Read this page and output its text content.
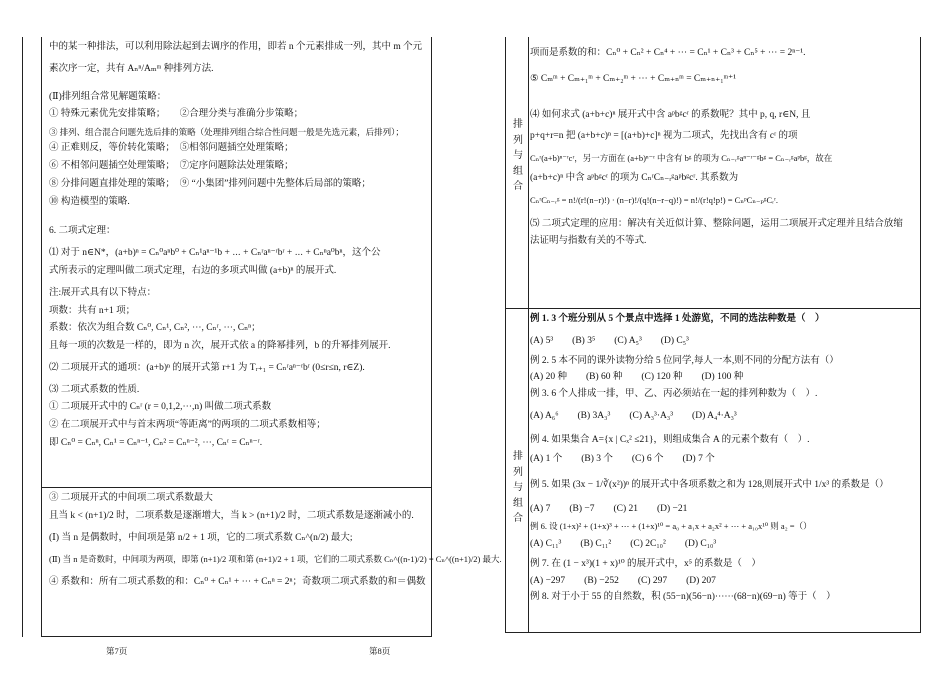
中的某一种排法，可以利用除法起到去调序的作用，即若 n 个元素排成一列，其中 m 个元

素次序一定，共有 Aₙⁿ/Aₘᵐ 种排列方法.

(Ⅱ)排列组合常见解题策略：

① 特殊元素优先安排策略；　　②合理分类与准确分步策略；

③ 排列、组合混合问题先选后排的策略（处理排列组合综合性问题一般是先选元素，后排列）；

④ 正难则反，等价转化策略；　⑤相邻问题插空处理策略；

⑥ 不相邻问题插空处理策略；　⑦定序问题除法处理策略；

⑧ 分排问题直排处理的策略；　⑨ “小集团”排列问题中先整体后局部的策略；

⑩ 构造模型的策略.

6. 二项式定理：

⑴ 对于 n∈N*，(a+b)ⁿ = Cₙ⁰aⁿb⁰ + Cₙ¹aⁿ⁻¹b + ⋯ + Cₙʳaⁿ⁻ʳbʳ + ⋯ + Cₙⁿa⁰bⁿ，这个公

式所表示的定理叫做二项式定理，右边的多项式叫做 (a+b)ⁿ 的展开式.

注:展开式具有以下特点：

项数：共有 n+1 项；

系数：依次为组合数 Cₙ⁰, Cₙ¹, Cₙ², ⋯, Cₙʳ, ⋯, Cₙⁿ；

且每一项的次数是一样的，即为 n 次，展开式依 a 的降幂排列，b 的升幂排列展开.

⑵ 二项展开式的通项：(a+b)ⁿ 的展开式第 r+1 为 Tᵣ₊₁ = Cₙʳaⁿ⁻ʳbʳ (0≤r≤n, r∈Z).

⑶ 二项式系数的性质.

① 二项展开式中的 Cₙʳ (r = 0,1,2,⋯,n) 叫做二项式系数

② 在二项展开式中与首末两项“等距离”的两项的二项式系数相等；

即 Cₙ⁰ = Cₙⁿ, Cₙ¹ = Cₙⁿ⁻¹, Cₙ² = Cₙⁿ⁻², ⋯, Cₙʳ = Cₙⁿ⁻ʳ.

③ 二项展开式的中间项二项式系数最大

且当 k < (n+1)/2 时，二项系数是逐渐增大，当 k > (n+1)/2 时，二项式系数是逐渐减小的.

(Ⅰ) 当 n 是偶数时，中间项是第 n/2 + 1 项，它的二项式系数 Cₙ^(n/2) 最大;

(Ⅱ) 当 n 是奇数时，中间项为两项，即第 (n+1)/2 项和第 (n+1)/2 + 1 项，它们的二项式系数 Cₙ^((n-1)/2) = Cₙ^((n+1)/2) 最大.

④ 系数和：所有二项式系数的和：Cₙ⁰ + Cₙ¹ + ⋯ + Cₙⁿ = 2ⁿ；奇数项二项式系数的和＝偶数

排
列
与
组
合
排
列
与
组
合

项而是系数的和：Cₙ⁰ + Cₙ² + Cₙ⁴ + ⋯ = Cₙ¹ + Cₙ³ + Cₙ⁵ + ⋯ = 2ⁿ⁻¹.

⑤ Cₘᵐ + Cₘ₊₁ᵐ + Cₘ₊₂ᵐ + ⋯ + Cₘ₊ₙᵐ = Cₘ₊ₙ₊₁ᵐ⁺¹

⑷ 如何求式 (a+b+c)ⁿ 展开式中含 aᵖbᵍcʳ 的系数呢？其中 p, q, r∈N, 且

p+q+r=n 把 (a+b+c)ⁿ = [(a+b)+c]ⁿ 视为二项式，先找出含有 cʳ 的项

Cₙʳ(a+b)ⁿ⁻ʳcʳ，另一方面在 (a+b)ⁿ⁻ʳ 中含有 bᵍ 的项为 Cₙ₋ᵣᵍaⁿ⁻ʳ⁻ᵍbᵍ = Cₙ₋ᵣᵍaᵖbᵍ，故在

(a+b+c)ⁿ 中含 aᵖbᵍcʳ 的项为 CₙʳCₙ₋ᵣᵍaᵖbᵍcʳ. 其系数为

CₙʳCₙ₋ᵣᵍ = n!/(r!(n−r)!) · (n−r)!/(q!(n−r−q)!) = n!/(r!q!p!) = CₙᵖCₙ₋ₚᵍCᵣʳ.

⑸ 二项式定理的应用：解决有关近似计算、整除问题，运用二项展开式定理并且结合放缩

法证明与指数有关的不等式.

例 1. 3 个班分别从 5 个景点中选择 1 处游览，不同的选法种数是（　）

(A) 5³　　(B) 3⁵　　(C) A₅³　　(D) C₅³

例 2. 5 本不同的课外读物分给 5 位同学,每人一本,则不同的分配方法有（）

(A) 20 种　　(B) 60 种　　(C) 120 种　　(D) 100 种

例 3. 6 个人排成一排，甲、乙、丙必须站在一起的排列种数为（　）.

(A) A₆⁶　　(B) 3A₃³　　(C) A₃³·A₃³　　(D) A₄⁴·A₃³

例 4. 如果集合 A={x | Cₓ² ≤21}，则组成集合 A 的元素个数有（　）.

(A) 1 个　　(B) 3 个　　(C) 6 个　　(D) 7 个

例 5. 如果 (3x − 1/∛(x²))ⁿ 的展开式中各项系数之和为 128,则展开式中 1/x³ 的系数是（）

(A) 7　　(B) −7　　(C) 21　　(D) −21

例 6. 设 (1+x)² + (1+x)³ + ⋯ + (1+x)¹⁰ = a₀ + a₁x + a₂x² + ⋯ + a₁₀x¹⁰ 则 a₂ =（）

(A) C₁₁³　　(B) C₁₁²　　(C) 2C₁₀²　　(D) C₁₀³

例 7. 在 (1 − x³)(1 + x)¹⁰ 的展开式中，x⁵ 的系数是（　）

(A) −297　　(B) −252　　(C) 297　　(D) 207

例 8. 对于小于 55 的自然数，积 (55−n)(56−n)⋯⋯(68−n)(69−n) 等于（　）

第7页	第8页
